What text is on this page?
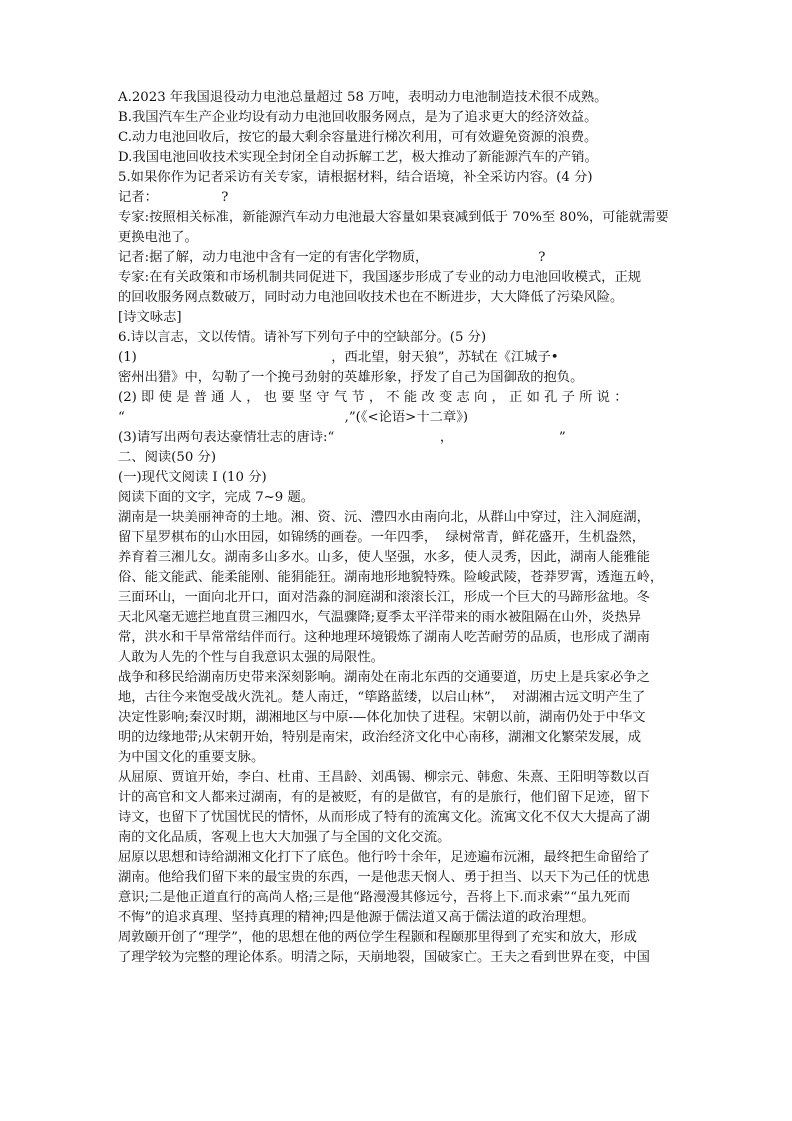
A.2023 年我国退役动力电池总量超过 58 万吨，表明动力电池制造技术很不成熟。
B.我国汽车生产企业均设有动力电池回收服务网点，是为了追求更大的经济效益。
C.动力电池回收后，按它的最大剩余容量进行梯次利用，可有效避免资源的浪费。
D.我国电池回收技术实现全封闭全自动拆解工艺，极大推动了新能源汽车的产销。
5.如果你作为记者采访有关专家，请根据材料，结合语境，补全采访内容。(4 分)
记者：               ?
专家:按照相关标准，新能源汽车动力电池最大容量如果衰减到低于 70%至 80%，可能就需要
更换电池了。
记者:据了解，动力电池中含有一定的有害化学物质，                          ?
专家:在有关政策和市场机制共同促进下，我国逐步形成了专业的动力电池回收模式，正规
的回收服务网点数破万，同时动力电池回收技术也在不断进步，大大降低了污染风险。
[诗文咏志]
6.诗以言志，文以传情。请补写下列句子中的空缺部分。(5 分)
(1)                                              ，西北望，射天狼”，苏轼在《江城子•
密州出猎》中，勾勒了一个挽弓劲射的英雄形象，抒发了自己为国御敌的抱负。
(2) 即 使 是 普 通 人 ， 也 要 坚 守 气 节 ， 不 能 改 变 志 向 ， 正 如 孔 子 所 说 ：
“                                                    ,”(《<论语>十二章》)
(3)请写出两句表达豪情壮志的唐诗:“                         ，                         ”
二、阅读(50 分)
(一)现代文阅读 I (10 分)
阅读下面的文字，完成 7~9 题。
湖南是一块美丽神奇的土地。湘、资、沅、澧四水由南向北，从群山中穿过，注入洞庭湖，
留下星罗棋布的山水田园，如锦绣的画卷。一年四季，  绿树常青，鲜花盛开，生机盎然，
养育着三湘儿女。湖南多山多水。山多，使人坚强，水多，使人灵秀，因此，湖南人能雅能
俗、能文能武、能柔能刚、能狷能狂。湖南地形地貌特殊。险峻武陵，苍莽罗霄，透迤五岭，
三面环山，一面向北开口，面对浩淼的洞庭湖和滚滚长江，形成一个巨大的马蹄形盆地。冬
天北风毫无遮拦地直贯三湘四水，气温骤降;夏季太平洋带来的雨水被阻隔在山外，炎热异
常，洪水和干旱常常结伴而行。这种地理环境锻炼了湖南人吃苦耐劳的品质，也形成了湖南
人敢为人先的个性与自我意识太强的局限性。
战争和移民给湖南历史带来深刻影响。湖南处在南北东西的交通要道，历史上是兵家必争之
地，古往今来饱受战火洗礼。楚人南迁，“筚路蓝缕，以启山林”，  对湖湘古远文明产生了
决定性影响;秦汉时期，湖湘地区与中原-—体化加快了进程。宋朝以前，湖南仍处于中华文
明的边缘地带;从宋朝开始，特别是南宋，政治经济文化中心南移，湖湘文化繁荣发展，成
为中国文化的重要支脉。
从屈原、贾谊开始，李白、杜甫、王昌龄、刘禹锡、柳宗元、韩愈、朱熹、王阳明等数以百
计的高官和文人都来过湖南，有的是被贬，有的是做官，有的是旅行，他们留下足迹，留下
诗文，也留下了忧国忧民的情怀，从而形成了特有的流寓文化。流寓文化不仅大大提高了湖
南的文化品质，客观上也大大加强了与全国的文化交流。
屈原以思想和诗给湖湘文化打下了底色。他行吟十余年，足迹遍布沅湘，最终把生命留给了
湖南。他给我们留下来的最宝贵的东西，一是他悲天悯人、勇于担当、以天下为己任的忧患
意识;二是他正道直行的高尚人格;三是他“路漫漫其修远兮，吾将上下.而求索”“虽九死而
不悔”的追求真理、坚持真理的精神;四是他源于儒法道又高于儒法道的政治理想。
周敦颐开创了“理学”，他的思想在他的两位学生程颢和程颐那里得到了充实和放大，形成
了理学较为完整的理论体系。明清之际，天崩地裂，国破家亡。王夫之看到世界在变，中国
